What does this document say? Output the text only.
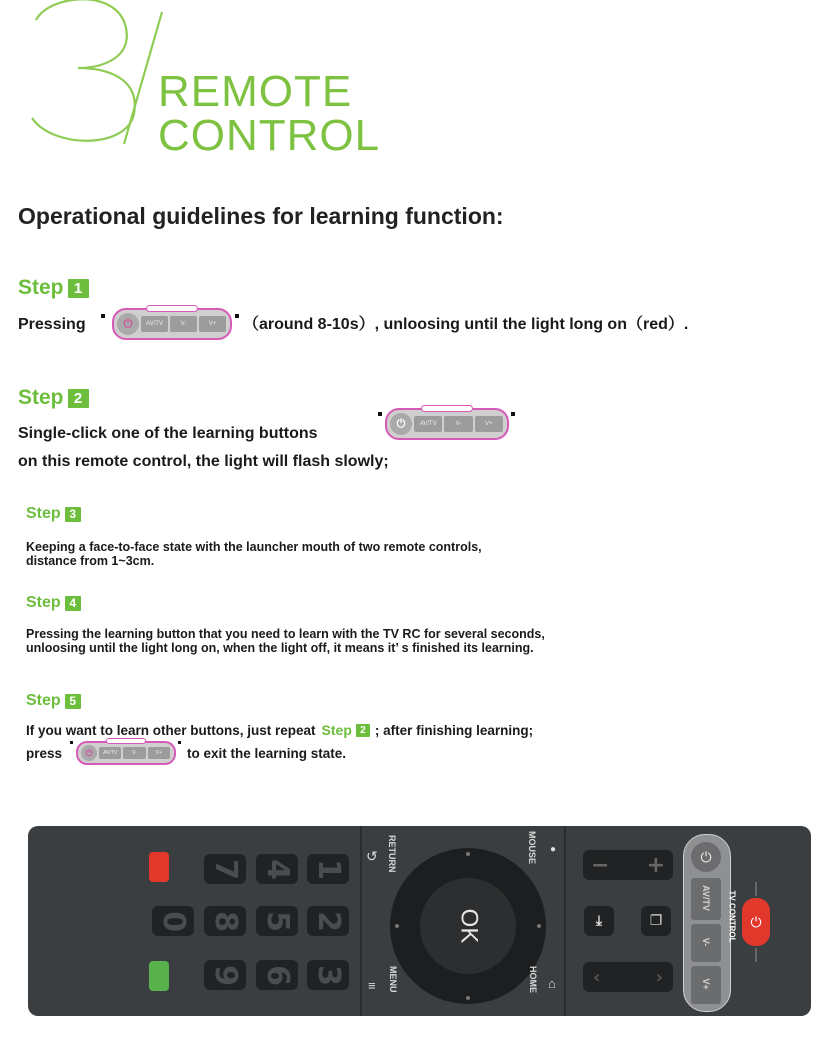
REMOTE
CONTROL
Operational guidelines for learning function:
Step 1
Pressing	⏻	AV/TV	V-	V+	（around 8-10s）, unloosing until the light long on（red）.
Step 2
Single-click one of the learning buttons
⏻	AV/TV	V-	V+
on this remote control, the light will flash slowly;
Step 3
Keeping a face-to-face state with the launcher mouth of two remote controls,
distance from 1~3cm.
Step 4
Pressing the learning button that you need to learn with the TV RC for several seconds,
unloosing until the light long on, when the light off, it means it’ s finished its learning.
Step 5
If you want to learn other buttons, just repeat Step 2 ; after finishing learning;
press	⏻	AV/TV	V-	V+	to exit the learning state.
7 4 1
0 8 5 2
9 6 3
OK
↺ RETURN	MOUSE ●
≡ MENU	HOME ⌂
− +
⤓	❐
‹	›
⏻
AV/TV
V-
V+
TV CONTROL ⏻
